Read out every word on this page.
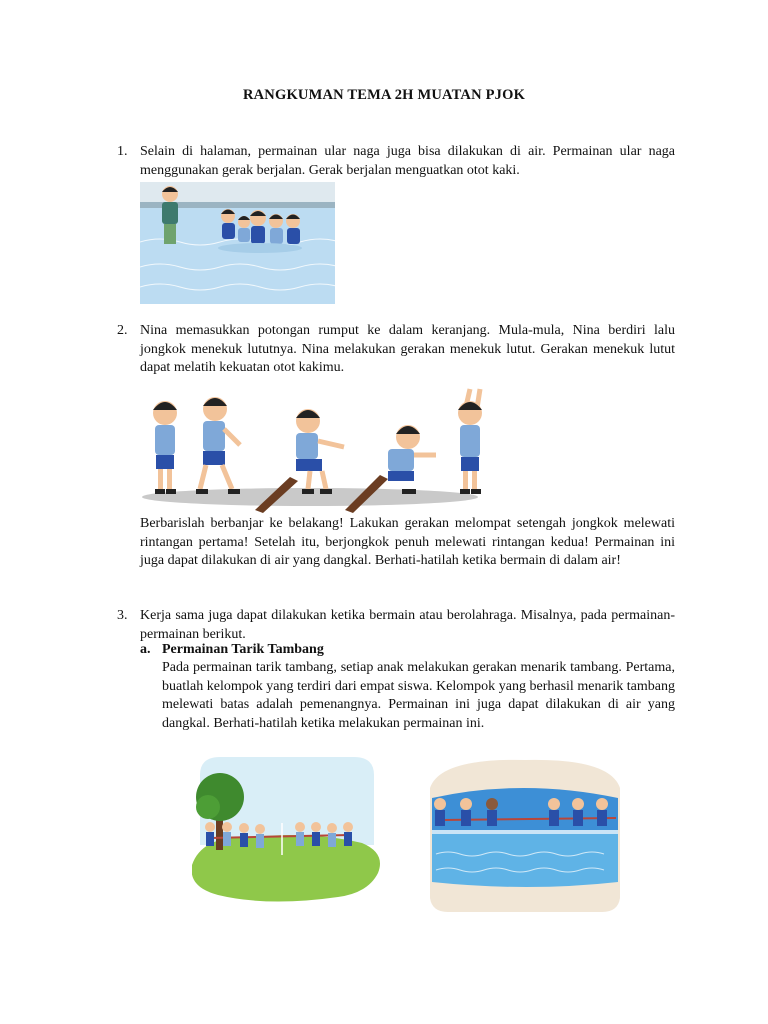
RANGKUMAN TEMA 2H MUATAN PJOK
1. Selain di halaman, permainan ular naga juga bisa dilakukan di air. Permainan ular naga menggunakan gerak berjalan. Gerak berjalan menguatkan otot kaki.
2. Nina memasukkan potongan rumput ke dalam keranjang. Mula-mula, Nina berdiri lalu jongkok menekuk lututnya. Nina melakukan gerakan menekuk lutut. Gerakan menekuk lutut dapat melatih kekuatan otot kakimu.
Berbarislah berbanjar ke belakang! Lakukan gerakan melompat setengah jongkok melewati rintangan pertama! Setelah itu, berjongkok penuh melewati rintangan kedua! Permainan ini juga dapat dilakukan di air yang dangkal. Berhati-hatilah ketika bermain di dalam air!
3. Kerja sama juga dapat dilakukan ketika bermain atau berolahraga. Misalnya, pada permainan-permainan berikut.
a. Permainan Tarik Tambang
Pada permainan tarik tambang, setiap anak melakukan gerakan menarik tambang. Pertama, buatlah kelompok yang terdiri dari empat siswa. Kelompok yang berhasil menarik tambang melewati batas adalah pemenangnya. Permainan ini juga dapat dilakukan di air yang dangkal. Berhati-hatilah ketika melakukan permainan ini.
